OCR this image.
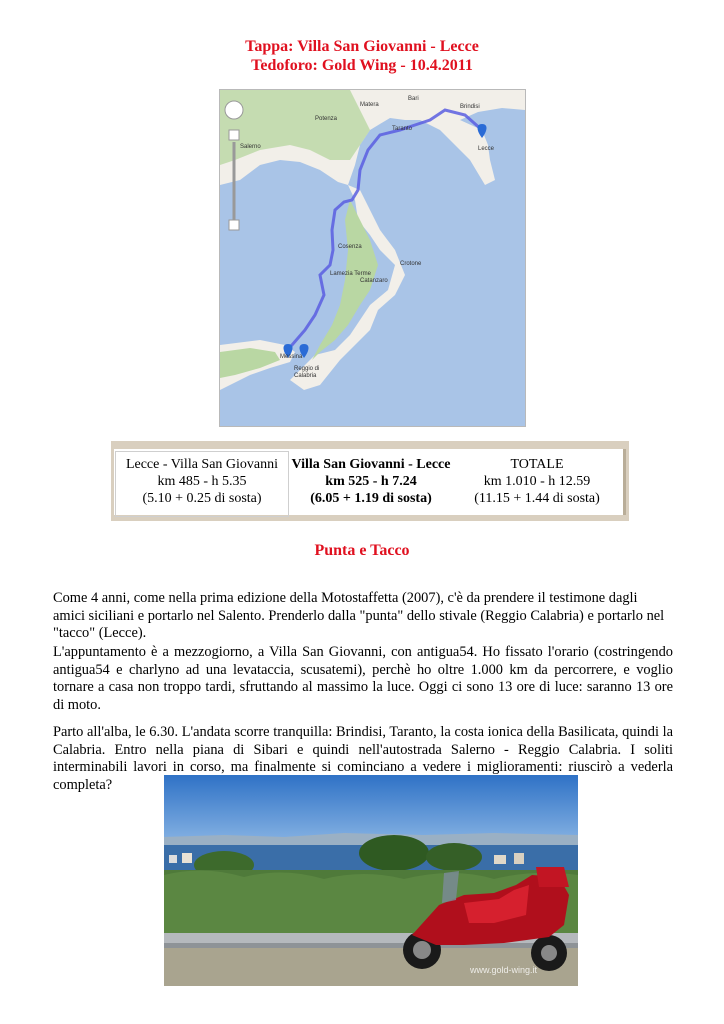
Tappa: Villa San Giovanni - Lecce
Tedoforo: Gold Wing - 10.4.2011
Bari
Matera
Potenza
Taranto
Brindisi
Lecce
Cosenza
Lamezia Terme
Catanzaro
Crotone
Messina
Reggio di
Calabria
Salerno
Lecce - Villa San Giovanni
km 485 - h 5.35
(5.10 + 0.25 di sosta)
Villa San Giovanni - Lecce
km 525 - h 7.24
(6.05 + 1.19 di sosta)
TOTALE
km 1.010 - h 12.59
(11.15 + 1.44 di sosta)
Punta e Tacco

Come 4 anni, come nella prima edizione della Motostaffetta (2007), c'è da prendere il testimone dagli amici siciliani e portarlo nel Salento. Prenderlo dalla "punta" dello stivale (Reggio Calabria) e portarlo nel "tacco" (Lecce).

L'appuntamento è a mezzogiorno, a Villa San Giovanni, con antigua54. Ho fissato l'orario (costringendo antigua54 e charlyno ad una levataccia, scusatemi), perchè ho oltre 1.000 km da percorrere, e voglio tornare a casa non troppo tardi, sfruttando al massimo la luce. Oggi ci sono 13 ore di luce: saranno 13 ore di moto.

Parto all'alba, le 6.30. L'andata scorre tranquilla: Brindisi, Taranto, la costa ionica della Basilicata, quindi la Calabria. Entro nella piana di Sibari e quindi nell'autostrada Salerno - Reggio Calabria. I soliti interminabili lavori in corso, ma finalmente si cominciano a vedere i miglioramenti: riuscirò a vederla completa?

www.gold-wing.it
